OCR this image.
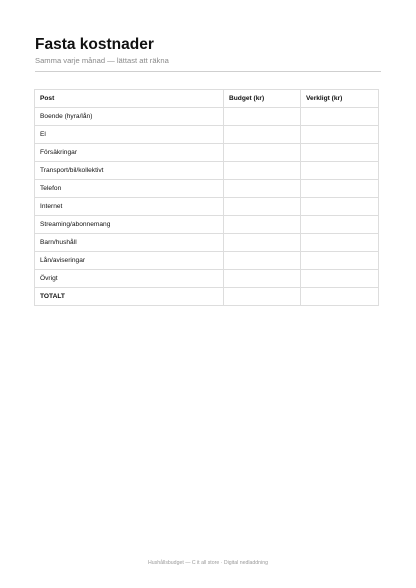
Fasta kostnader

Samma varje månad — lättast att räkna

Post	Budget (kr)	Verkligt (kr)
Boende (hyra/lån)		
El		
Försäkringar		
Transport/bil/kollektivt		
Telefon		
Internet		
Streaming/abonnemang		
Barn/hushåll		
Lån/aviseringar		
Övrigt		
TOTALT		
Hushållsbudget — C it all store · Digital nedladdning
